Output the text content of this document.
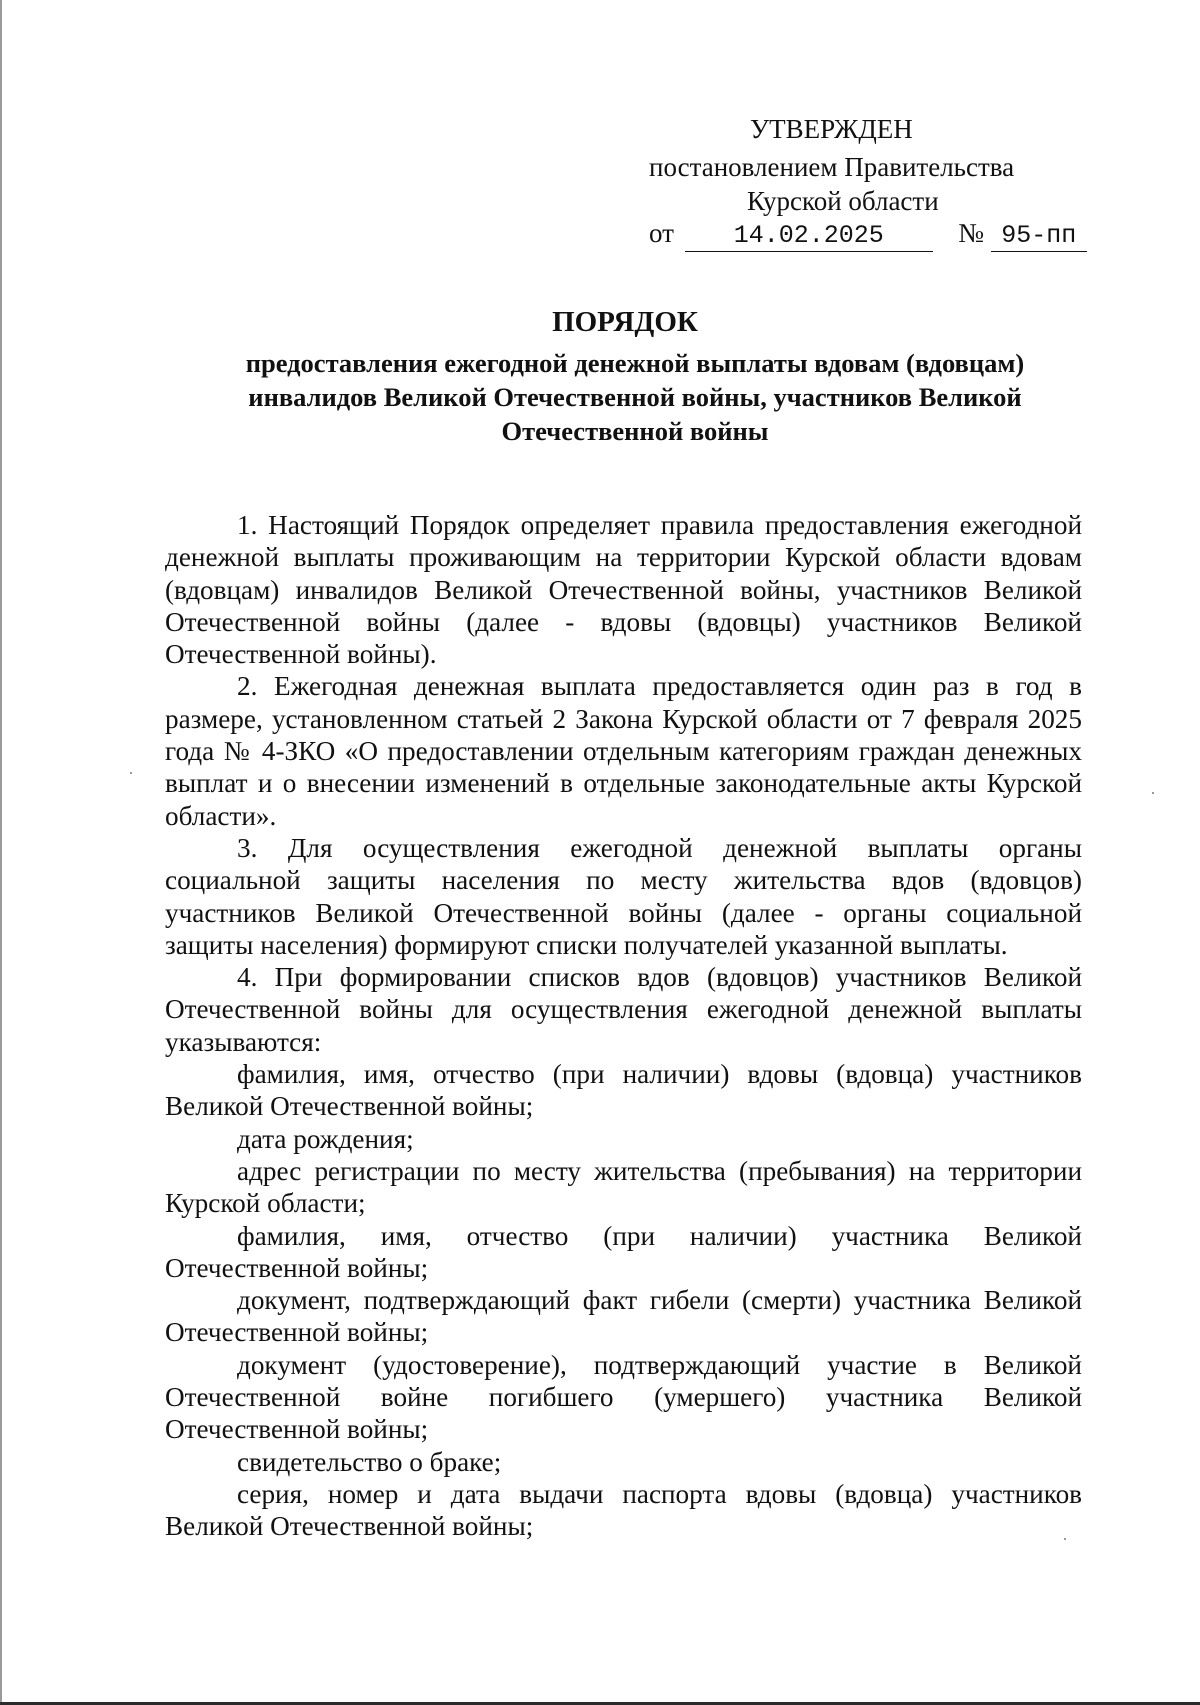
УТВЕРЖДЕН
постановлением Правительства
Курской области
от 14.02.2025	№ 95-пп
ПОРЯДОК
предоставления ежегодной денежной выплаты вдовам (вдовцам) инвалидов Великой Отечественной войны, участников Великой Отечественной войны

1. Настоящий Порядок определяет правила предоставления ежегодной денежной выплаты проживающим на территории Курской области вдовам (вдовцам) инвалидов Великой Отечественной войны, участников Великой Отечественной войны (далее - вдовы (вдовцы) участников Великой Отечественной войны).

2. Ежегодная денежная выплата предоставляется один раз в год в размере, установленном статьей 2 Закона Курской области от 7 февраля 2025 года № 4-ЗКО «О предоставлении отдельным категориям граждан денежных выплат и о внесении изменений в отдельные законодательные акты Курской области».

3. Для осуществления ежегодной денежной выплаты органы социальной защиты населения по месту жительства вдов (вдовцов) участников Великой Отечественной войны (далее - органы социальной защиты населения) формируют списки получателей указанной выплаты.

4. При формировании списков вдов (вдовцов) участников Великой Отечественной войны для осуществления ежегодной денежной выплаты указываются:

фамилия, имя, отчество (при наличии) вдовы (вдовца) участников Великой Отечественной войны;

дата рождения;

адрес регистрации по месту жительства (пребывания) на территории Курской области;

фамилия, имя, отчество (при наличии) участника Великой Отечественной войны;

документ, подтверждающий факт гибели (смерти) участника Великой Отечественной войны;

документ (удостоверение), подтверждающий участие в Великой Отечественной войне погибшего (умершего) участника Великой Отечественной войны;

свидетельство о браке;

серия, номер и дата выдачи паспорта вдовы (вдовца) участников Великой Отечественной войны;
